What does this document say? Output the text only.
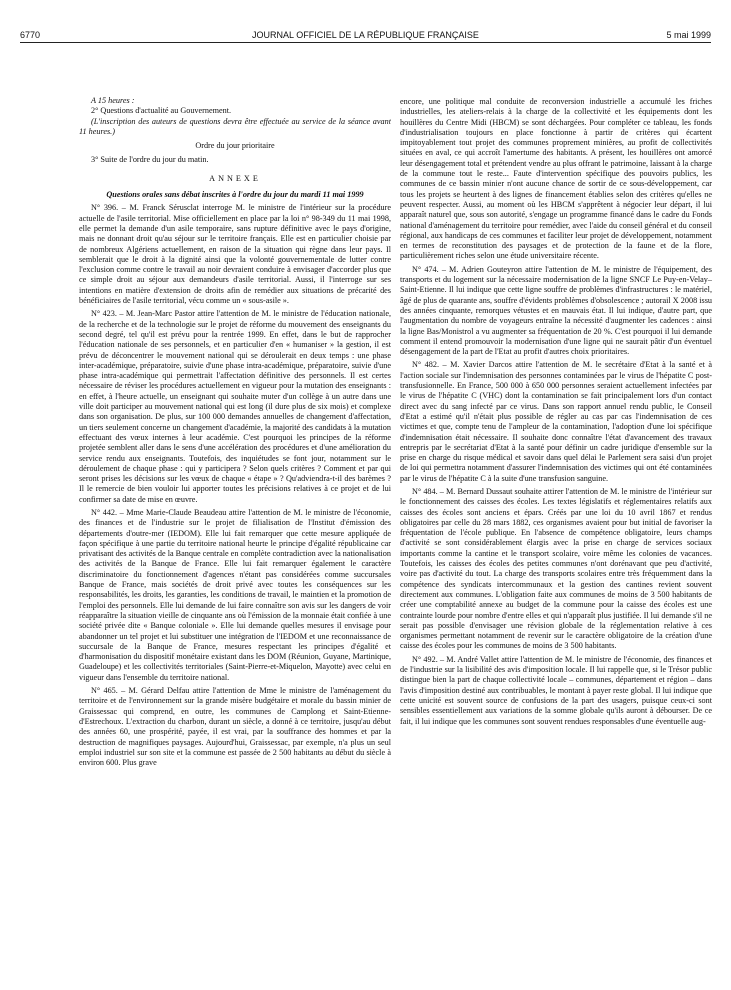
6770	JOURNAL OFFICIEL DE LA RÉPUBLIQUE FRANÇAISE	5 mai 1999

A 15 heures :

2° Questions d'actualité au Gouvernement.

(L'inscription des auteurs de questions devra être effectuée au service de la séance avant 11 heures.)

Ordre du jour prioritaire

3° Suite de l'ordre du jour du matin.

ANNEXE

Questions orales sans débat inscrites à l'ordre du jour du mardi 11 mai 1999

N° 396. – M. Franck Sérusclat interroge M. le ministre de l'intérieur sur la procédure actuelle de l'asile territorial. Mise officiellement en place par la loi n° 98-349 du 11 mai 1998, elle permet la demande d'un asile temporaire, sans rupture définitive avec le pays d'origine, mais ne donnant droit qu'au séjour sur le territoire français. Elle est en particulier choisie par de nombreux Algériens actuellement, en raison de la situation qui règne dans leur pays. Il semblerait que le droit à la dignité ainsi que la volonté gouvernementale de lutter contre l'exclusion comme contre le travail au noir devraient conduire à envisager d'accorder plus que ce simple droit au séjour aux demandeurs d'asile territorial. Aussi, il l'interroge sur ses intentions en matière d'extension de droits afin de remédier aux situations de précarité des bénéficiaires de l'asile territorial, vécu comme un « sous-asile ».

N° 423. – M. Jean-Marc Pastor attire l'attention de M. le ministre de l'éducation nationale, de la recherche et de la technologie sur le projet de réforme du mouvement des enseignants du second degré, tel qu'il est prévu pour la rentrée 1999. En effet, dans le but de rapprocher l'éducation nationale de ses personnels, et en particulier d'en « humaniser » la gestion, il est prévu de déconcentrer le mouvement national qui se déroulerait en deux temps : une phase inter-académique, préparatoire, suivie d'une phase intra-académique, préparatoire, suivie d'une phase intra-académique qui permettrait l'affectation définitive des personnels. Il est certes nécessaire de réviser les procédures actuellement en vigueur pour la mutation des enseignants : en effet, à l'heure actuelle, un enseignant qui souhaite muter d'un collège à un autre dans une ville doit participer au mouvement national qui est long (il dure plus de six mois) et complexe dans son organisation. De plus, sur 100 000 demandes annuelles de changement d'affectation, un tiers seulement concerne un changement d'académie, la majorité des candidats à la mutation effectuant des vœux internes à leur académie. C'est pourquoi les principes de la réforme projetée semblent aller dans le sens d'une accélération des procédures et d'une amélioration du service rendu aux enseignants. Toutefois, des inquiétudes se font jour, notamment sur le déroulement de chaque phase : qui y participera ? Selon quels critères ? Comment et par qui seront prises les décisions sur les vœux de chaque « étape » ? Qu'adviendra-t-il des barèmes ? Il le remercie de bien vouloir lui apporter toutes les précisions relatives à ce projet et de lui confirmer sa date de mise en œuvre.

N° 442. – Mme Marie-Claude Beaudeau attire l'attention de M. le ministre de l'économie, des finances et de l'industrie sur le projet de filialisation de l'Institut d'émission des départements d'outre-mer (IEDOM). Elle lui fait remarquer que cette mesure appliquée de façon spécifique à une partie du territoire national heurte le principe d'égalité républicaine car privatisant des activités de la Banque centrale en complète contradiction avec la nationalisation des activités de la Banque de France. Elle lui fait remarquer également le caractère discriminatoire du fonctionnement d'agences n'étant pas considérées comme succursales Banque de France, mais sociétés de droit privé avec toutes les conséquences sur les responsabilités, les droits, les garanties, les conditions de travail, le maintien et la promotion de l'emploi des personnels. Elle lui demande de lui faire connaître son avis sur les dangers de voir réapparaître la situation vieille de cinquante ans où l'émission de la monnaie était confiée à une société privée dite « Banque coloniale ». Elle lui demande quelles mesures il envisage pour abandonner un tel projet et lui substituer une intégration de l'IEDOM et une reconnaissance de succursale de la Banque de France, mesures respectant les principes d'égalité et d'harmonisation du dispositif monétaire existant dans les DOM (Réunion, Guyane, Martinique, Guadeloupe) et les collectivités territoriales (Saint-Pierre-et-Miquelon, Mayotte) avec celui en vigueur dans l'ensemble du territoire national.

N° 465. – M. Gérard Delfau attire l'attention de Mme le ministre de l'aménagement du territoire et de l'environnement sur la grande misère budgétaire et morale du bassin minier de Graissessac qui comprend, en outre, les communes de Camplong et Saint-Etienne-d'Estrechoux. L'extraction du charbon, durant un siècle, a donné à ce territoire, jusqu'au début des années 60, une prospérité, payée, il est vrai, par la souffrance des hommes et par la destruction de magnifiques paysages. Aujourd'hui, Graissessac, par exemple, n'a plus un seul emploi industriel sur son site et la commune est passée de 2 500 habitants au début du siècle à environ 600. Plus grave

encore, une politique mal conduite de reconversion industrielle a accumulé les friches industrielles, les ateliers-relais à la charge de la collectivité et les équipements dont les houillères du Centre Midi (HBCM) se sont déchargées. Pour compléter ce tableau, les fonds d'industrialisation toujours en place fonctionne à partir de critères qui écartent impitoyablement tout projet des communes proprement minières, au profit de collectivités situées en aval, ce qui accroît l'amertume des habitants. A présent, les houillères ont amorcé leur désengagement total et prétendent vendre au plus offrant le patrimoine, laissant à la charge de la commune tout le reste... Faute d'intervention spécifique des pouvoirs publics, les communes de ce bassin minier n'ont aucune chance de sortir de ce sous-développement, car tous les projets se heurtent à des lignes de financement établies selon des critères qu'elles ne peuvent respecter. Aussi, au moment où les HBCM s'apprêtent à négocier leur départ, il lui apparaît naturel que, sous son autorité, s'engage un programme financé dans le cadre du Fonds national d'aménagement du territoire pour remédier, avec l'aide du conseil général et du conseil régional, aux handicaps de ces communes et faciliter leur projet de développement, notamment en termes de reconstitution des paysages et de protection de la faune et de la flore, particulièrement riches selon une étude universitaire récente.

N° 474. – M. Adrien Gouteyron attire l'attention de M. le ministre de l'équipement, des transports et du logement sur la nécessaire modernisation de la ligne SNCF Le Puy-en-Velay–Saint-Etienne. Il lui indique que cette ligne souffre de problèmes d'infrastructures : le matériel, âgé de plus de quarante ans, souffre d'évidents problèmes d'obsolescence ; autorail X 2008 issu des années cinquante, remorques vétustes et en mauvais état. Il lui indique, d'autre part, que l'augmentation du nombre de voyageurs entraîne la nécessité d'augmenter les cadences : ainsi la ligne Bas/Monistrol a vu augmenter sa fréquentation de 20 %. C'est pourquoi il lui demande comment il entend promouvoir la modernisation d'une ligne qui ne saurait pâtir d'un éventuel désengagement de la part de l'Etat au profit d'autres choix prioritaires.

N° 482. – M. Xavier Darcos attire l'attention de M. le secrétaire d'Etat à la santé et à l'action sociale sur l'indemnisation des personnes contaminées par le virus de l'hépatite C post-transfusionnelle. En France, 500 000 à 650 000 personnes seraient actuellement infectées par le virus de l'hépatite C (VHC) dont la contamination se fait principalement lors d'un contact direct avec du sang infecté par ce virus. Dans son rapport annuel rendu public, le Conseil d'Etat a estimé qu'il n'était plus possible de régler au cas par cas l'indemnisation de ces victimes et que, compte tenu de l'ampleur de la contamination, l'adoption d'une loi spécifique d'indemnisation était nécessaire. Il souhaite donc connaître l'état d'avancement des travaux entrepris par le secrétariat d'Etat à la santé pour définir un cadre juridique d'ensemble sur la prise en charge du risque médical et savoir dans quel délai le Parlement sera saisi d'un projet de loi qui permettra notamment d'assurer l'indemnisation des victimes qui ont été contaminées par le virus de l'hépatite C à la suite d'une transfusion sanguine.

N° 484. – M. Bernard Dussaut souhaite attirer l'attention de M. le ministre de l'intérieur sur le fonctionnement des caisses des écoles. Les textes législatifs et réglementaires relatifs aux caisses des écoles sont anciens et épars. Créés par une loi du 10 avril 1867 et rendus obligatoires par celle du 28 mars 1882, ces organismes avaient pour but initial de favoriser la fréquentation de l'école publique. En l'absence de compétence obligatoire, leurs champs d'activité se sont considérablement élargis avec la prise en charge de services sociaux importants comme la cantine et le transport scolaire, voire même les colonies de vacances. Toutefois, les caisses des écoles des petites communes n'ont dorénavant que peu d'activité, voire pas d'activité du tout. La charge des transports scolaires entre très fréquemment dans la compétence des syndicats intercommunaux et la gestion des cantines revient souvent directement aux communes. L'obligation faite aux communes de moins de 3 500 habitants de créer une comptabilité annexe au budget de la commune pour la caisse des écoles est une contrainte lourde pour nombre d'entre elles et qui n'apparaît plus justifiée. Il lui demande s'il ne serait pas possible d'envisager une révision globale de la réglementation relative à ces organismes permettant notamment de revenir sur le caractère obligatoire de la création d'une caisse des écoles pour les communes de moins de 3 500 habitants.

N° 492. – M. André Vallet attire l'attention de M. le ministre de l'économie, des finances et de l'industrie sur la lisibilité des avis d'imposition locale. Il lui rappelle que, si le Trésor public distingue bien la part de chaque collectivité locale – communes, département et région – dans l'avis d'imposition destiné aux contribuables, le montant à payer reste global. Il lui indique que cette unicité est souvent source de confusions de la part des usagers, puisque ceux-ci sont sensibles essentiellement aux variations de la somme globale qu'ils auront à débourser. De ce fait, il lui indique que les communes sont souvent rendues responsables d'une éventuelle aug-
